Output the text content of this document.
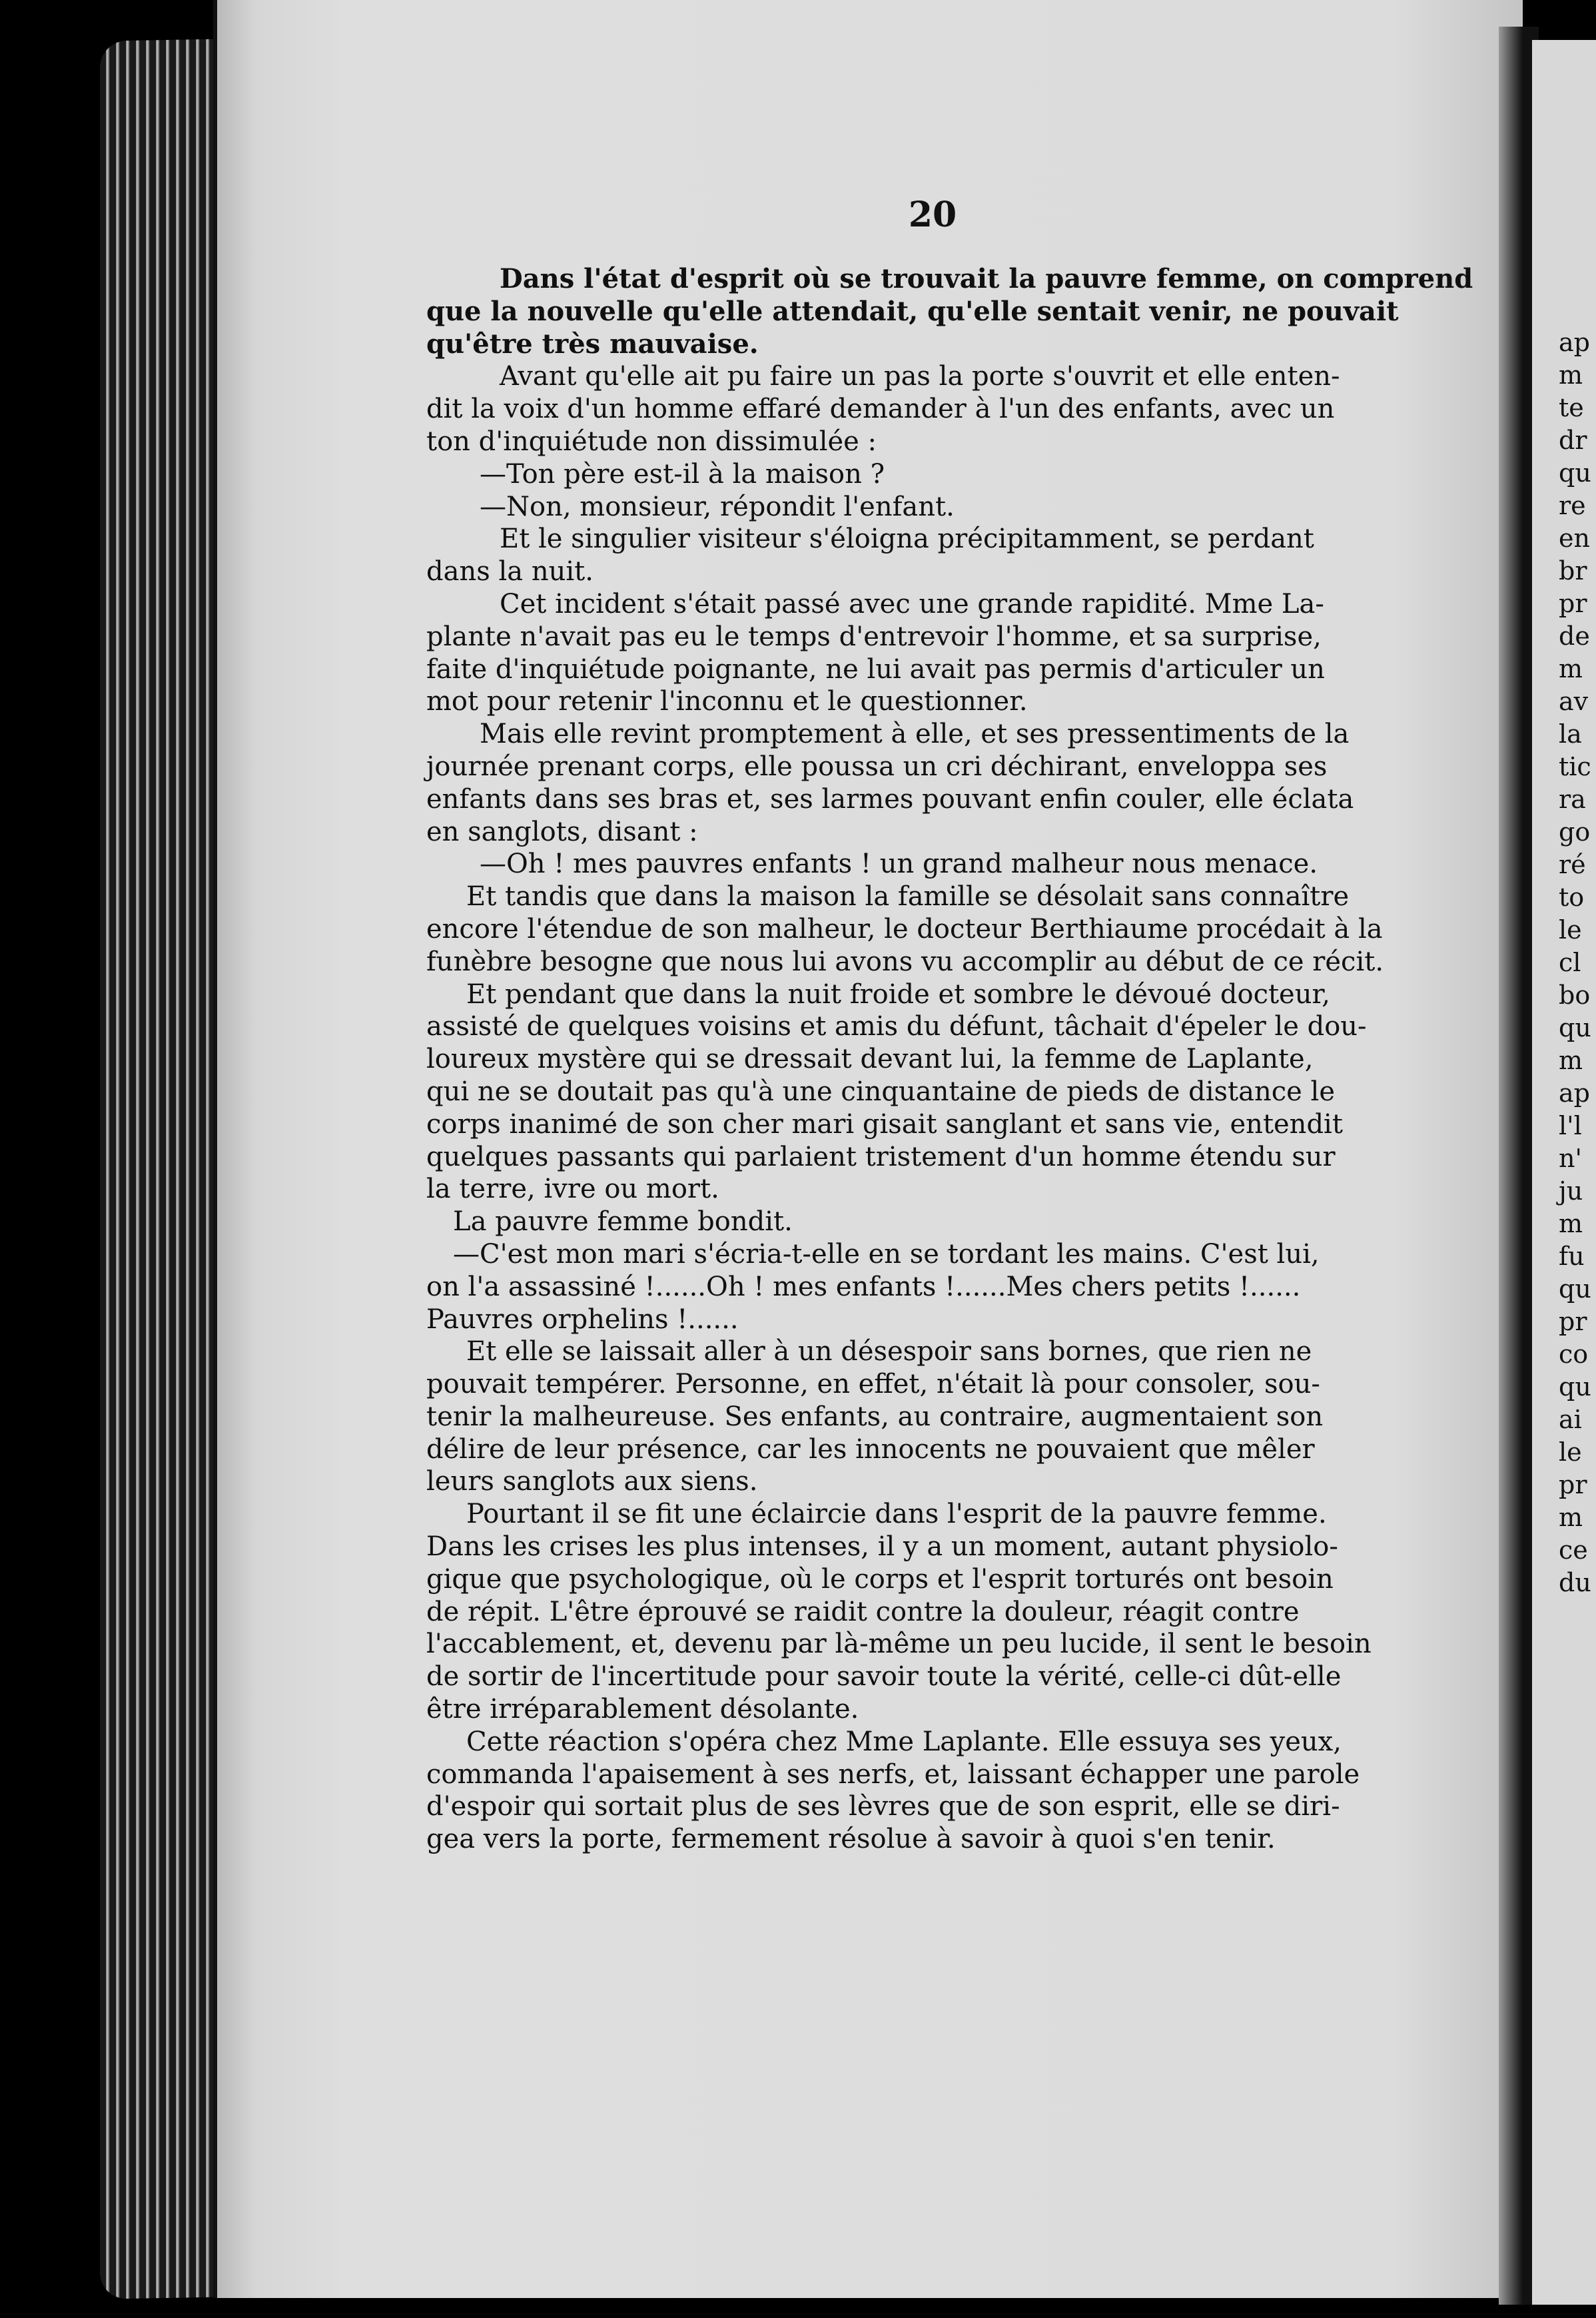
20
Dans l'état d'esprit où se trouvait la pauvre femme, on comprend
que la nouvelle qu'elle attendait, qu'elle sentait venir, ne pouvait
qu'être très mauvaise.
Avant qu'elle ait pu faire un pas la porte s'ouvrit et elle enten-
dit la voix d'un homme effaré demander à l'un des enfants, avec un
ton d'inquiétude non dissimulée :
—Ton père est-il à la maison ?
—Non, monsieur, répondit l'enfant.
Et le singulier visiteur s'éloigna précipitamment, se perdant
dans la nuit.
Cet incident s'était passé avec une grande rapidité. Mme La-
plante n'avait pas eu le temps d'entrevoir l'homme, et sa surprise,
faite d'inquiétude poignante, ne lui avait pas permis d'articuler un
mot pour retenir l'inconnu et le questionner.
Mais elle revint promptement à elle, et ses pressentiments de la
journée prenant corps, elle poussa un cri déchirant, enveloppa ses
enfants dans ses bras et, ses larmes pouvant enfin couler, elle éclata
en sanglots, disant :
—Oh ! mes pauvres enfants ! un grand malheur nous menace.
Et tandis que dans la maison la famille se désolait sans connaître
encore l'étendue de son malheur, le docteur Berthiaume procédait à la
funèbre besogne que nous lui avons vu accomplir au début de ce récit.
Et pendant que dans la nuit froide et sombre le dévoué docteur,
assisté de quelques voisins et amis du défunt, tâchait d'épeler le dou-
loureux mystère qui se dressait devant lui, la femme de Laplante,
qui ne se doutait pas qu'à une cinquantaine de pieds de distance le
corps inanimé de son cher mari gisait sanglant et sans vie, entendit
quelques passants qui parlaient tristement d'un homme étendu sur
la terre, ivre ou mort.
La pauvre femme bondit.
—C'est mon mari s'écria-t-elle en se tordant les mains. C'est lui,
on l'a assassiné !......Oh ! mes enfants !......Mes chers petits !......
Pauvres orphelins !......
Et elle se laissait aller à un désespoir sans bornes, que rien ne
pouvait tempérer. Personne, en effet, n'était là pour consoler, sou-
tenir la malheureuse. Ses enfants, au contraire, augmentaient son
délire de leur présence, car les innocents ne pouvaient que mêler
leurs sanglots aux siens.
Pourtant il se fit une éclaircie dans l'esprit de la pauvre femme.
Dans les crises les plus intenses, il y a un moment, autant physiolo-
gique que psychologique, où le corps et l'esprit torturés ont besoin
de répit. L'être éprouvé se raidit contre la douleur, réagit contre
l'accablement, et, devenu par là-même un peu lucide, il sent le besoin
de sortir de l'incertitude pour savoir toute la vérité, celle-ci dût-elle
être irréparablement désolante.
Cette réaction s'opéra chez Mme Laplante. Elle essuya ses yeux,
commanda l'apaisement à ses nerfs, et, laissant échapper une parole
d'espoir qui sortait plus de ses lèvres que de son esprit, elle se diri-
gea vers la porte, fermement résolue à savoir à quoi s'en tenir.
ap
m
te
dr
qu
re
en
br
pr
de
m
av
la
tic
ra
go
ré
to
le
cl
bo
qu
m
ap
l'l
n'
ju
m
fu
qu
pr
co
qu
ai
le
pr
m
ce
du
